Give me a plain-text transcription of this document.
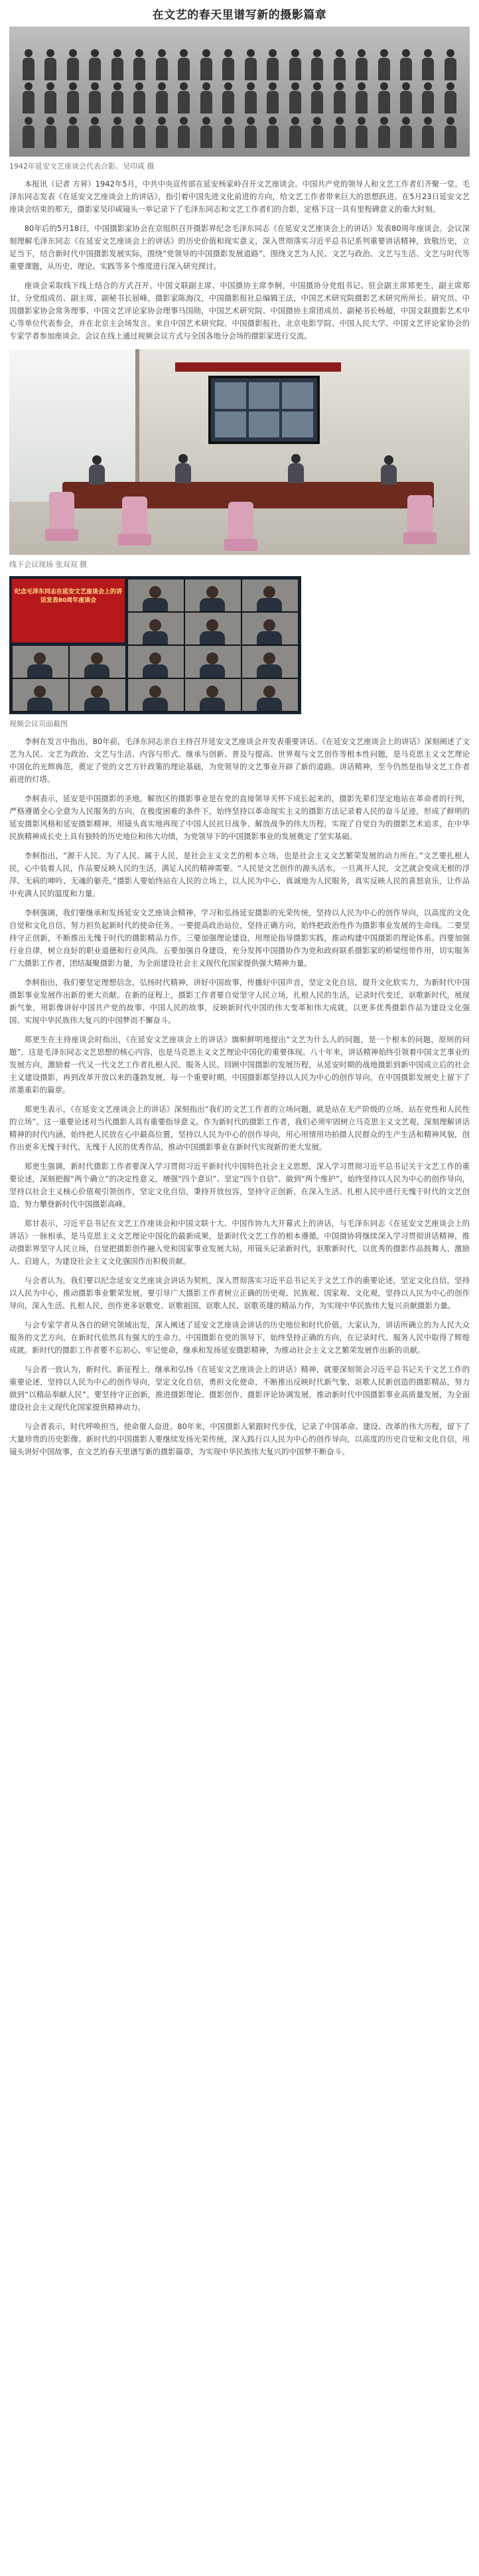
在文艺的春天里谱写新的摄影篇章
1942年延安文艺座谈会代表合影。吴印咸 摄

本报讯（记者 方昇）1942年5月，中共中央宣传部在延安杨家岭召开文艺座谈会。中国共产党的领导人和文艺工作者们齐聚一堂。毛泽东同志发表《在延安文艺座谈会上的讲话》，指引着中国先进文化前进的方向，给文艺工作者带来巨大的思想跃进。在5月23日延安文艺座谈会结束的那天，摄影家吴印咸镜头一举记录下了毛泽东同志和文艺工作者们的合影，定格下这一具有里程碑意义的重大时刻。

80年后的5月18日，中国摄影家协会在京组织召开摄影界纪念毛泽东同志《在延安文艺座谈会上的讲话》发表80周年座谈会。会议深刻理解毛泽东同志《在延安文艺座谈会上的讲话》的历史价值和现实意义，深入贯彻落实习近平总书记系列重要讲话精神，致敬历史，立足当下，结合新时代中国摄影发展实际，围绕“党领导的中国摄影发展道路”，围绕文艺为人民、文艺与政治、文艺与生活、文艺与时代等重要课题，从历史、理论、实践等多个维度进行深入研究探讨。

座谈会采取线下线上结合的方式召开。中国文联副主席、中国摄协主席李舸，中国摄协分党组书记、驻会副主席郑更生，副主席郑甘，分党组成员、副主席、副秘书长屈峰，摄影家陈海汶，中国摄影报社总编辑王法，中国艺术研究院摄影艺术研究所所长、研究员、中国摄影家协会常务理事、中国文艺评论家协会理事马国勋，中国艺术研究院、中国摄协主席团成员、副秘书长杨超，中国文联摄影艺术中心等单位代表参会，并在北京主会场发言。来自中国艺术研究院、中国摄影报社、北京电影学院、中国人民大学、中国文艺评论家协会的专家学者参加座谈会。会议在线上通过视频会议方式与全国各地分会场的摄影家进行交流。

线下会议现场 张双双 摄
纪念毛泽东同志在延安文艺座谈会上的讲话发表80周年座谈会
视频会议页面截图

李舸在发言中指出，80年前，毛泽东同志亲自主持召开延安文艺座谈会并发表重要讲话。《在延安文艺座谈会上的讲话》深刻阐述了文艺为人民、文艺为政治、文艺与生活、内容与形式、继承与创新、普及与提高、世界观与文艺创作等根本性问题，是马克思主义文艺理论中国化的光辉典范，奠定了党的文艺方针政策的理论基础，为党领导的文艺事业开辟了新的道路。讲话精神，至今仍然是指导文艺工作者前进的灯塔。

李舸表示，延安是中国摄影的圣地。解放区的摄影事业是在党的直接领导关怀下成长起来的，摄影先辈们坚定地站在革命者的行列，严格遵循全心全意为人民服务的方向，在极度困难的条件下，始终坚持以革命现实主义的摄影方法记录着人民的奋斗足迹，形成了鲜明的延安摄影风格和延安摄影精神。用镜头真实地再现了中国人民抗日战争、解放战争的伟大历程，实现了自觉自为的摄影艺术追求，在中华民族精神成长史上具有独特的历史地位和伟大功绩，为党领导下的中国摄影事业的发展奠定了坚实基础。

李舸指出，“源于人民、为了人民、属于人民，是社会主义文艺的根本立场，也是社会主义文艺繁荣发展的动力所在。”文艺要扎根人民，心中装着人民，作品要反映人民的生活，满足人民的精神需要。“人民是文艺创作的源头活水，一旦离开人民，文艺就会变成无根的浮萍、无病的呻吟、无魂的躯壳。”摄影人要始终站在人民的立场上，以人民为中心，真诚地为人民服务，真实反映人民的喜怒哀乐，让作品中充满人民的温度和力量。

李舸强调，我们要继承和发扬延安文艺座谈会精神，学习和弘扬延安摄影的光荣传统，坚持以人民为中心的创作导向，以高度的文化自觉和文化自信，努力担负起新时代的使命任务。一要提高政治站位，坚持正确方向，始终把政治性作为摄影事业发展的生命线。二要坚持守正创新，不断推出无愧于时代的摄影精品力作。三要加强理论建设，用理论指导摄影实践，推动构建中国摄影的理论体系。四要加强行业自律，树立良好的职业道德和行业风尚。五要加强自身建设，充分发挥中国摄协作为党和政府联系摄影家的桥梁纽带作用，切实服务广大摄影工作者，团结凝聚摄影力量，为全面建设社会主义现代化国家提供强大精神力量。

李舸指出，我们要坚定理想信念，弘扬时代精神，讲好中国故事，传播好中国声音，坚定文化自信，提升文化软实力，为新时代中国摄影事业发展作出新的更大贡献。在新的征程上，摄影工作者要自觉坚守人民立场，扎根人民的生活，记录时代变迁，讴歌新时代，展现新气象，用影像讲好中国共产党的故事、中国人民的故事，反映新时代中国的伟大变革和伟大成就，以更多优秀摄影作品为建设文化强国、实现中华民族伟大复兴的中国梦而不懈奋斗。

郑更生在主持座谈会时指出，《在延安文艺座谈会上的讲话》旗帜鲜明地提出“文艺为什么人的问题，是一个根本的问题，原则的问题”，这是毛泽东同志文艺思想的核心内容，也是马克思主义文艺理论中国化的重要体现。八十年来，讲话精神始终引领着中国文艺事业的发展方向，激励着一代又一代文艺工作者扎根人民、服务人民。回顾中国摄影的发展历程，从延安时期的战地摄影到新中国成立后的社会主义建设摄影，再到改革开放以来的蓬勃发展，每一个重要时期，中国摄影都坚持以人民为中心的创作导向，在中国摄影发展史上留下了浓墨重彩的篇章。

郑更生表示，《在延安文艺座谈会上的讲话》深刻指出“我们的文艺工作者的立场问题，就是站在无产阶级的立场，站在党性和人民性的立场”。这一重要论述对当代摄影人具有重要指导意义。作为新时代的摄影工作者，我们必须牢固树立马克思主义文艺观，深刻理解讲话精神的时代内涵，始终把人民放在心中最高位置，坚持以人民为中心的创作导向，用心用情用功拍摄人民群众的生产生活和精神风貌，创作出更多无愧于时代、无愧于人民的优秀作品，推动中国摄影事业在新时代实现新的更大发展。

郑更生强调，新时代摄影工作者要深入学习贯彻习近平新时代中国特色社会主义思想，深入学习贯彻习近平总书记关于文艺工作的重要论述，深刻把握“两个确立”的决定性意义，增强“四个意识”、坚定“四个自信”、做到“两个维护”，始终坚持以人民为中心的创作导向，坚持以社会主义核心价值观引领创作，坚定文化自信，秉持开放包容，坚持守正创新，在深入生活、扎根人民中进行无愧于时代的文艺创造，努力攀登新时代中国摄影高峰。

郑甘表示，习近平总书记在文艺工作座谈会和中国文联十大、中国作协九大开幕式上的讲话，与毛泽东同志《在延安文艺座谈会上的讲话》一脉相承，是马克思主义文艺理论中国化的最新成果，是新时代文艺工作的根本遵循。中国摄协将继续深入学习贯彻讲话精神，推动摄影界坚守人民立场，自觉把摄影创作融入党和国家事业发展大局，用镜头记录新时代，讴歌新时代，以优秀的摄影作品鼓舞人、激励人、启迪人，为建设社会主义文化强国作出积极贡献。

与会者认为，我们要以纪念延安文艺座谈会讲话为契机，深入贯彻落实习近平总书记关于文艺工作的重要论述，坚定文化自信，坚持以人民为中心，推动摄影事业繁荣发展。要引导广大摄影工作者树立正确的历史观、民族观、国家观、文化观，坚持以人民为中心的创作导向，深入生活、扎根人民，创作更多讴歌党、讴歌祖国、讴歌人民、讴歌英雄的精品力作，为实现中华民族伟大复兴贡献摄影力量。

与会专家学者从各自的研究领域出发，深入阐述了延安文艺座谈会讲话的历史地位和时代价值。大家认为，讲话所确立的为人民大众服务的文艺方向，在新时代依然具有强大的生命力。中国摄影在党的领导下，始终坚持正确的方向，在记录时代、服务人民中取得了辉煌成就。新时代的摄影工作者要不忘初心、牢记使命，继承和发扬延安摄影精神，为推动社会主义文艺繁荣发展作出新的贡献。

与会者一致认为，新时代、新征程上，继承和弘扬《在延安文艺座谈会上的讲话》精神，就要深刻领会习近平总书记关于文艺工作的重要论述，坚持以人民为中心的创作导向，坚定文化自信，勇担文化使命，不断推出反映时代新气象、讴歌人民新创造的摄影精品，努力做到“以精品奉献人民”。要坚持守正创新，推进摄影理论、摄影创作、摄影评论协调发展，推动新时代中国摄影事业高质量发展，为全面建设社会主义现代化国家提供精神动力。

与会者表示，时代呼唤担当，使命催人奋进。80年来，中国摄影人紧跟时代步伐，记录了中国革命、建设、改革的伟大历程，留下了大量珍贵的历史影像。新时代的中国摄影人要继续发扬光荣传统，深入践行以人民为中心的创作导向，以高度的历史自觉和文化自信，用镜头讲好中国故事，在文艺的春天里谱写新的摄影篇章，为实现中华民族伟大复兴的中国梦不断奋斗。
